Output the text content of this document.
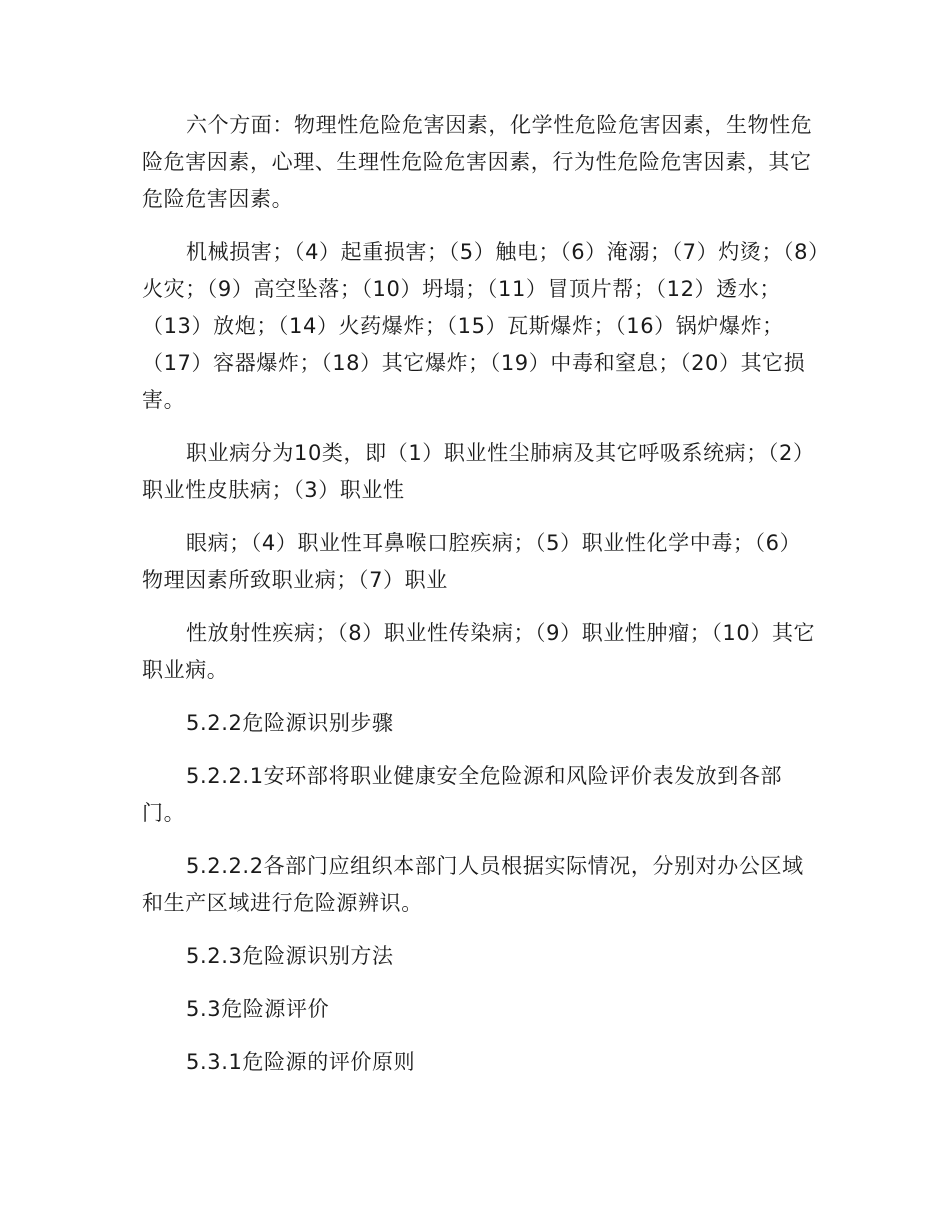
六个方面：物理性危险危害因素，化学性危险危害因素，生物性危险危害因素，心理、生理性危险危害因素，行为性危险危害因素，其它危险危害因素。

机械损害；（4）起重损害；（5）触电；（6）淹溺；（7）灼烫；（8）火灾；（9）高空坠落；（10）坍塌；（11）冒顶片帮；（12）透水；（13）放炮；（14）火药爆炸；（15）瓦斯爆炸；（16）锅炉爆炸；（17）容器爆炸；（18）其它爆炸；（19）中毒和窒息；（20）其它损害。

职业病分为10类，即（1）职业性尘肺病及其它呼吸系统病；（2）职业性皮肤病；（3）职业性

眼病；（4）职业性耳鼻喉口腔疾病；（5）职业性化学中毒；（6）物理因素所致职业病；（7）职业

性放射性疾病；（8）职业性传染病；（9）职业性肿瘤；（10）其它职业病。

5.2.2危险源识别步骤

5.2.2.1安环部将职业健康安全危险源和风险评价表发放到各部门。

5.2.2.2各部门应组织本部门人员根据实际情况，分别对办公区域和生产区域进行危险源辨识。

5.2.3危险源识别方法

5.3危险源评价

5.3.1危险源的评价原则
